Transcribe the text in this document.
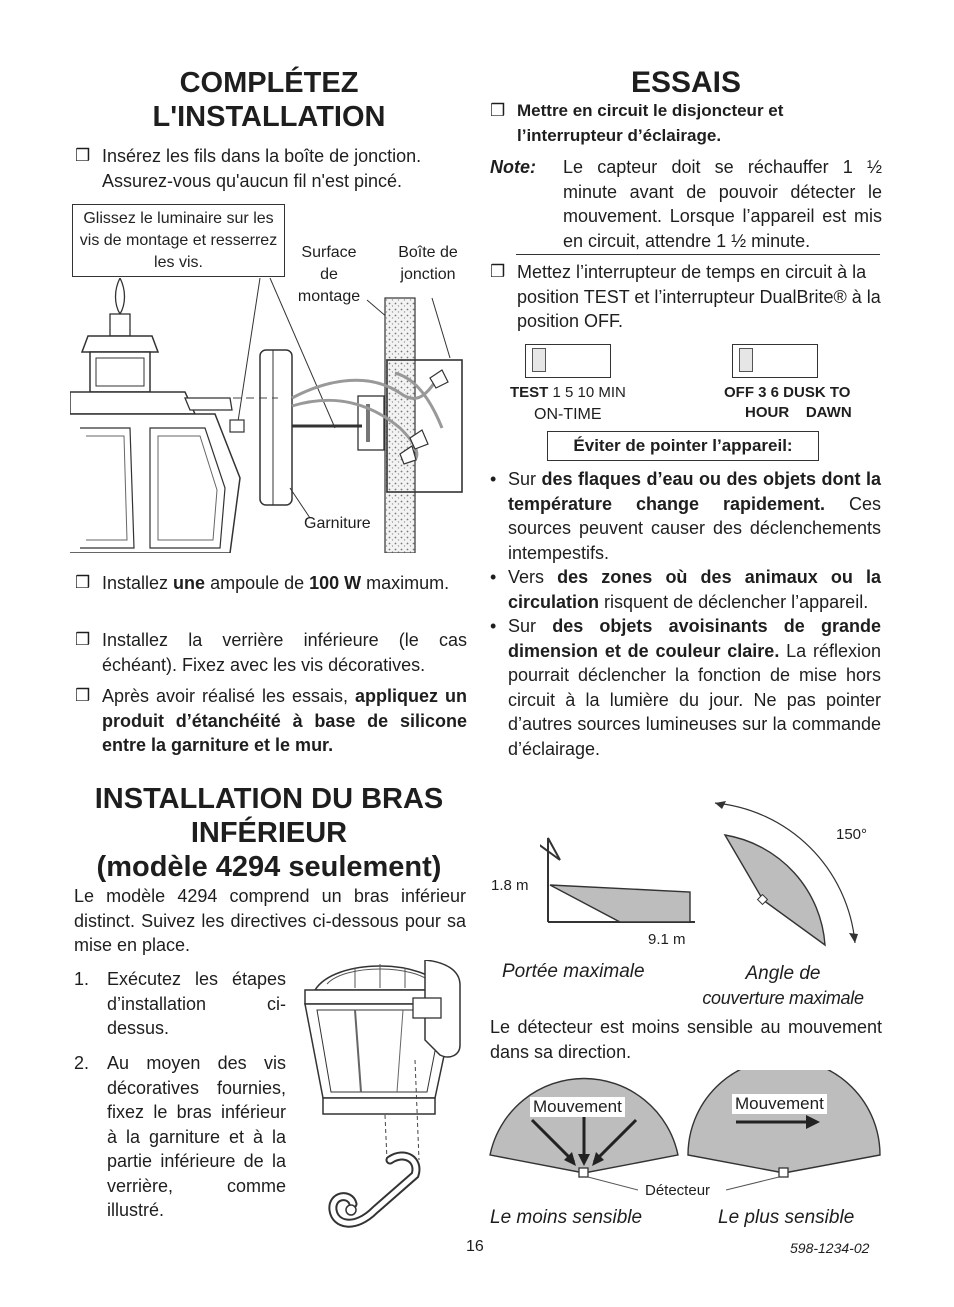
COMPLÉTEZ
L'INSTALLATION
❒ Insérez les fils dans la boîte de jonction. Assurez-vous qu'aucun fil n'est pincé.
Glissez le luminaire sur les vis de montage et resserrez les vis.
Surface de montage
Boîte de jonction
Garniture
❒ Installez une ampoule de 100 W maximum.
❒ Installez la verrière inférieure (le cas échéant). Fixez avec les vis décoratives.
❒ Après avoir réalisé les essais, appliquez un produit d’étanchéité à base de silicone entre la garniture et le mur.
INSTALLATION DU BRAS
INFÉRIEUR
(modèle 4294 seulement)
Le modèle 4294 comprend un bras inférieur distinct. Suivez les directives ci-dessous pour sa mise en place.
1. Exécutez les étapes d’installation ci-dessus.
2. Au moyen des vis décoratives fournies, fixez le bras inférieur à la garniture et à la partie inférieure de la verrière, comme illustré.
ESSAIS
❒ Mettre en circuit le disjoncteur et l’interrupteur d’éclairage.
Note:	Le capteur doit se réchauffer 1 ½ minute avant de pouvoir détecter le mouvement. Lorsque l’appareil est mis en circuit, attendre 1 ½ minute.
❒ Mettez l’interrupteur de temps en circuit à la position TEST et l’interrupteur DualBrite® à la position OFF.
TEST 1 5 10 MIN
ON-TIME
OFF 3 6 DUSK TO
HOUR    DAWN
Éviter de pointer l’appareil:
• Sur des flaques d’eau ou des objets dont la température change rapidement. Ces sources peuvent causer des déclenchements intempestifs.
• Vers des zones où des animaux ou la circulation risquent de déclencher l’appareil.
• Sur des objets avoisinants de grande dimension et de couleur claire. La réflexion pourrait déclencher la fonction de mise hors circuit à la lumière du jour. Ne pas pointer d’autres sources lumineuses sur la commande d’éclairage.
1.8 m
9.1 m
150°
Portée maximale	Angle de
couverture maximale
Le détecteur est moins sensible au mouvement dans sa direction.
Mouvement	Mouvement
Détecteur
Le moins sensible	Le plus sensible
16	598-1234-02
